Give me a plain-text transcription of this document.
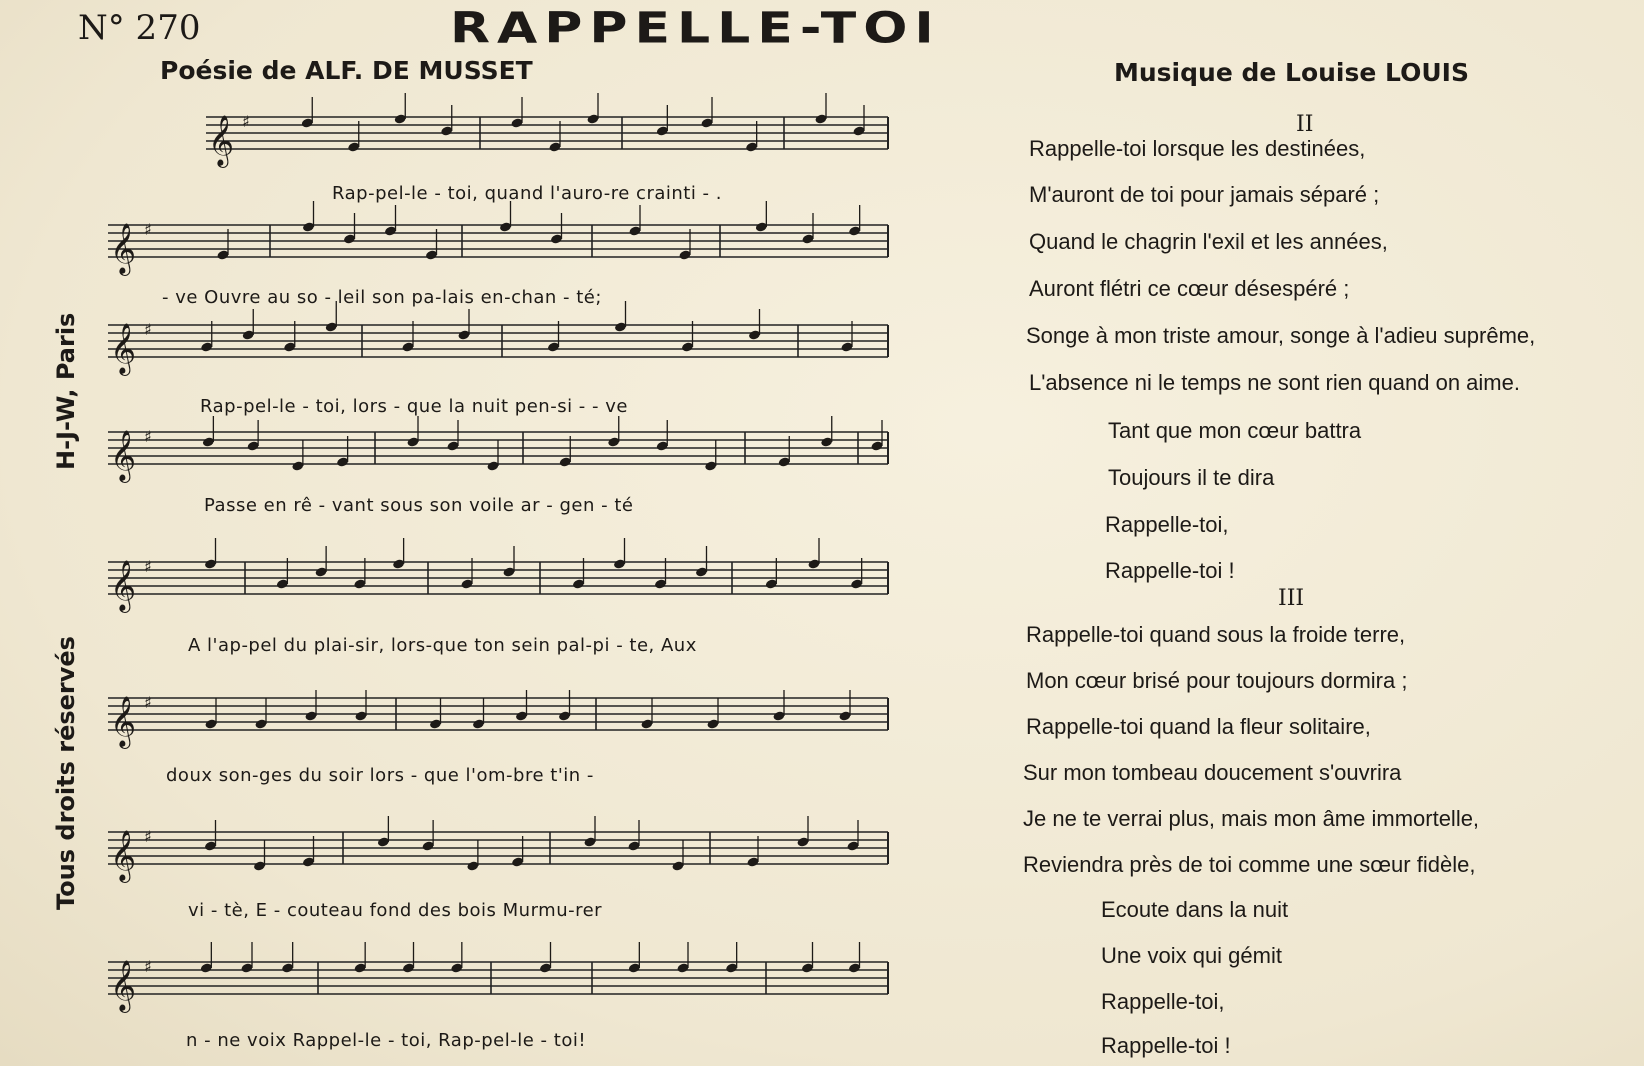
N° 270	RAPPELLE-TOI
Poésie de ALF. DE MUSSET	Musique de Louise LOUIS
H-J-W, Paris
Tous droits réservés
𝄞 ♯
𝄞 ♯
𝄞 ♯
𝄞 ♯
𝄞 ♯
𝄞 ♯
𝄞 ♯
𝄞 ♯
Rap-pel-le - toi, quand l'auro-re crainti - .
- ve Ouvre au so - leil son pa-lais en-chan - té;
Rap-pel-le - toi, lors - que la nuit pen-si - - ve
Passe en rê - vant sous son voile ar - gen - té
A l'ap-pel du plai-sir, lors-que ton sein pal-pi - te, Aux
doux son-ges du soir lors - que l'om-bre t'in -
vi - tè, E - couteau fond des bois Murmu-rer
n - ne voix Rappel-le - toi, Rap-pel-le - toi!
II
Rappelle-toi lorsque les destinées,
M'auront de toi pour jamais séparé ;
Quand le chagrin l'exil et les années,
Auront flétri ce cœur désespéré ;
Songe à mon triste amour, songe à l'adieu suprême,
L'absence ni le temps ne sont rien quand on aime.
Tant que mon cœur battra
Toujours il te dira
Rappelle-toi,
Rappelle-toi !
III
Rappelle-toi quand sous la froide terre,
Mon cœur brisé pour toujours dormira ;
Rappelle-toi quand la fleur solitaire,
Sur mon tombeau doucement s'ouvrira
Je ne te verrai plus, mais mon âme immortelle,
Reviendra près de toi comme une sœur fidèle,
Ecoute dans la nuit
Une voix qui gémit
Rappelle-toi,
Rappelle-toi !
